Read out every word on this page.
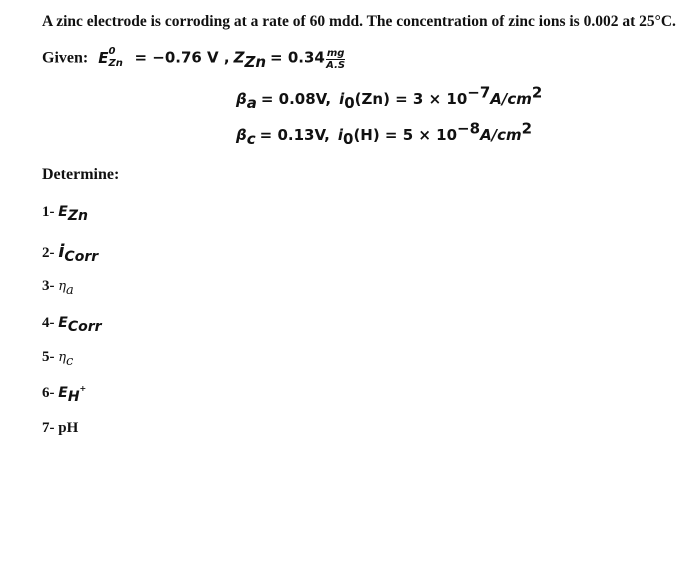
A zinc electrode is corroding at a rate of 60 mdd. The concentration of zinc ions is 0.002 at 25°C.
Given: E 0
Zn = −0.76 V , $Z_{Zn} = 0.34 \frac{mg}{A.S}$
$\beta_a = 0.08V$, $i_0(Zn) = 3 \times 10^{-7}A/cm^2$
$\beta_c = 0.13V$, $i_0(H) = 5 \times 10^{-8}A/cm^2$
Determine:
1- $E_{Zn}$
2- $i_{Corr}$
3- $\eta_a$
4- $E_{Corr}$
5- $\eta_c$
6- $E_H^+$
7- pH
